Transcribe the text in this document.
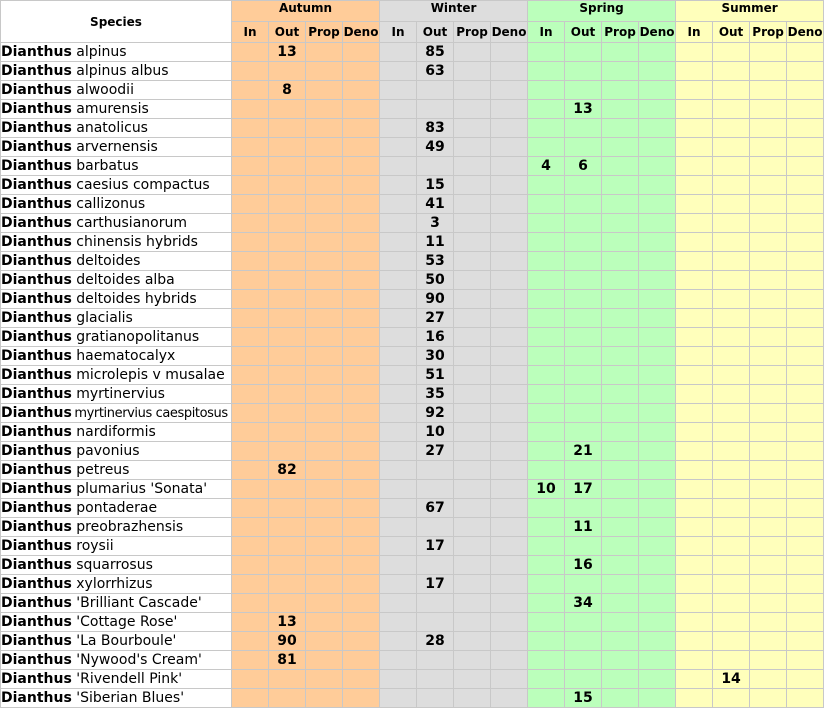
Species	Autumn				Winter				Spring				Summer			
	In	Out	Prop	Deno	In	Out	Prop	Deno	In	Out	Prop	Deno	In	Out	Prop	Deno
Dianthus alpinus		13				85										
Dianthus alpinus albus						63										
Dianthus alwoodii		8														
Dianthus amurensis										13						
Dianthus anatolicus						83										
Dianthus arvernensis						49										
Dianthus barbatus									4	6						
Dianthus caesius compactus						15										
Dianthus callizonus						41										
Dianthus carthusianorum						3										
Dianthus chinensis hybrids						11										
Dianthus deltoides						53										
Dianthus deltoides alba						50										
Dianthus deltoides hybrids						90										
Dianthus glacialis						27										
Dianthus gratianopolitanus						16										
Dianthus haematocalyx						30										
Dianthus microlepis v musalae						51										
Dianthus myrtinervius						35										
Dianthus myrtinervius caespitosus						92										
Dianthus nardiformis						10										
Dianthus pavonius						27				21						
Dianthus petreus		82														
Dianthus plumarius 'Sonata'									10	17						
Dianthus pontaderae						67										
Dianthus preobrazhensis										11						
Dianthus roysii						17										
Dianthus squarrosus										16						
Dianthus xylorrhizus						17										
Dianthus 'Brilliant Cascade'										34						
Dianthus 'Cottage Rose'		13														
Dianthus 'La Bourboule'		90				28										
Dianthus 'Nywood's Cream'		81														
Dianthus 'Rivendell Pink'														14		
Dianthus 'Siberian Blues'										15						
